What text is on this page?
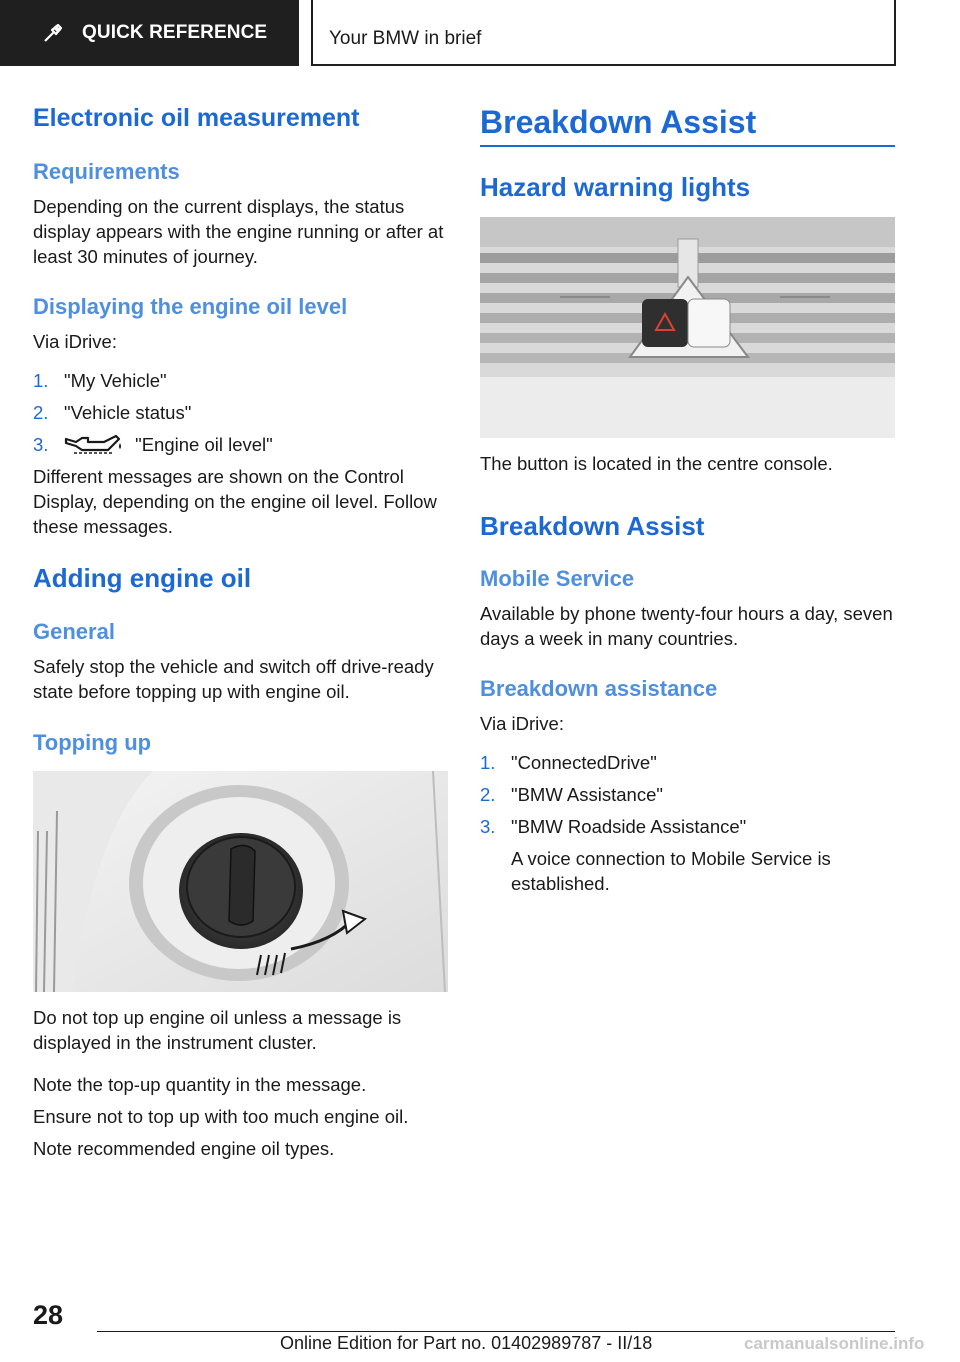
QUICK REFERENCE	Your BMW in brief
Electronic oil measurement
Requirements

Depending on the current displays, the status display appears with the engine running or after at least 30 minutes of journey.

Displaying the engine oil level

Via iDrive:

1. "My Vehicle"
2. "Vehicle status"
3.	"Engine oil level"

Different messages are shown on the Control Display, depending on the engine oil level. Follow these messages.

Adding engine oil
General

Safely stop the vehicle and switch off drive-ready state before topping up with engine oil.

Topping up

Do not top up engine oil unless a message is displayed in the instrument cluster.

Note the top-up quantity in the message.

Ensure not to top up with too much engine oil.

Note recommended engine oil types.

Breakdown Assist
Hazard warning lights

The button is located in the centre console.

Breakdown Assist
Mobile Service

Available by phone twenty-four hours a day, seven days a week in many countries.

Breakdown assistance

Via iDrive:

1. "ConnectedDrive"
2. "BMW Assistance"
3. "BMW Roadside Assistance"
A voice connection to Mobile Service is established.
28
Online Edition for Part no. 01402989787 - II/18	carmanualsonline.info
